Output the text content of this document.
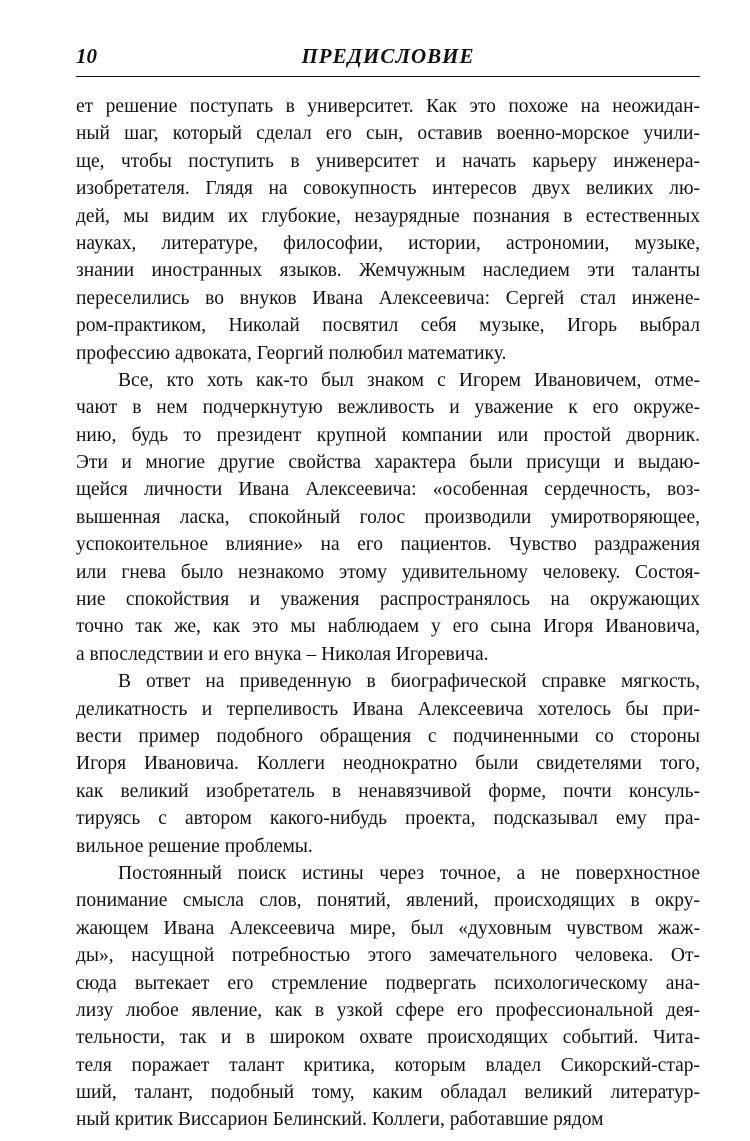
10	ПРЕДИСЛОВИЕ
ет решение поступать в университет. Как это похоже на неожидан-
ный шаг, который сделал его сын, оставив военно-морское учили-
ще, чтобы поступить в университет и начать карьеру инженера-
изобретателя. Глядя на совокупность интересов двух великих лю-
дей, мы видим их глубокие, незаурядные познания в естественных
науках, литературе, философии, истории, астрономии, музыке,
знании иностранных языков. Жемчужным наследием эти таланты
переселились во внуков Ивана Алексеевича: Сергей стал инжене-
ром-практиком, Николай посвятил себя музыке, Игорь выбрал
профессию адвоката, Георгий полюбил математику.
Все, кто хоть как-то был знаком с Игорем Ивановичем, отме-
чают в нем подчеркнутую вежливость и уважение к его окруже-
нию, будь то президент крупной компании или простой дворник.
Эти и многие другие свойства характера были присущи и выдаю-
щейся личности Ивана Алексеевича: «особенная сердечность, воз-
вышенная ласка, спокойный голос производили умиротворяющее,
успокоительное влияние» на его пациентов. Чувство раздражения
или гнева было незнакомо этому удивительному человеку. Состоя-
ние спокойствия и уважения распространялось на окружающих
точно так же, как это мы наблюдаем у его сына Игоря Ивановича,
а впоследствии и его внука – Николая Игоревича.
В ответ на приведенную в биографической справке мягкость,
деликатность и терпеливость Ивана Алексеевича хотелось бы при-
вести пример подобного обращения с подчиненными со стороны
Игоря Ивановича. Коллеги неоднократно были свидетелями того,
как великий изобретатель в ненавязчивой форме, почти консуль-
тируясь с автором какого-нибудь проекта, подсказывал ему пра-
вильное решение проблемы.
Постоянный поиск истины через точное, а не поверхностное
понимание смысла слов, понятий, явлений, происходящих в окру-
жающем Ивана Алексеевича мире, был «духовным чувством жаж-
ды», насущной потребностью этого замечательного человека. От-
сюда вытекает его стремление подвергать психологическому ана-
лизу любое явление, как в узкой сфере его профессиональной дея-
тельности, так и в широком охвате происходящих событий. Чита-
теля поражает талант критика, которым владел Сикорский-стар-
ший, талант, подобный тому, каким обладал великий литератур-
ный критик Виссарион Белинский. Коллеги, работавшие рядом
